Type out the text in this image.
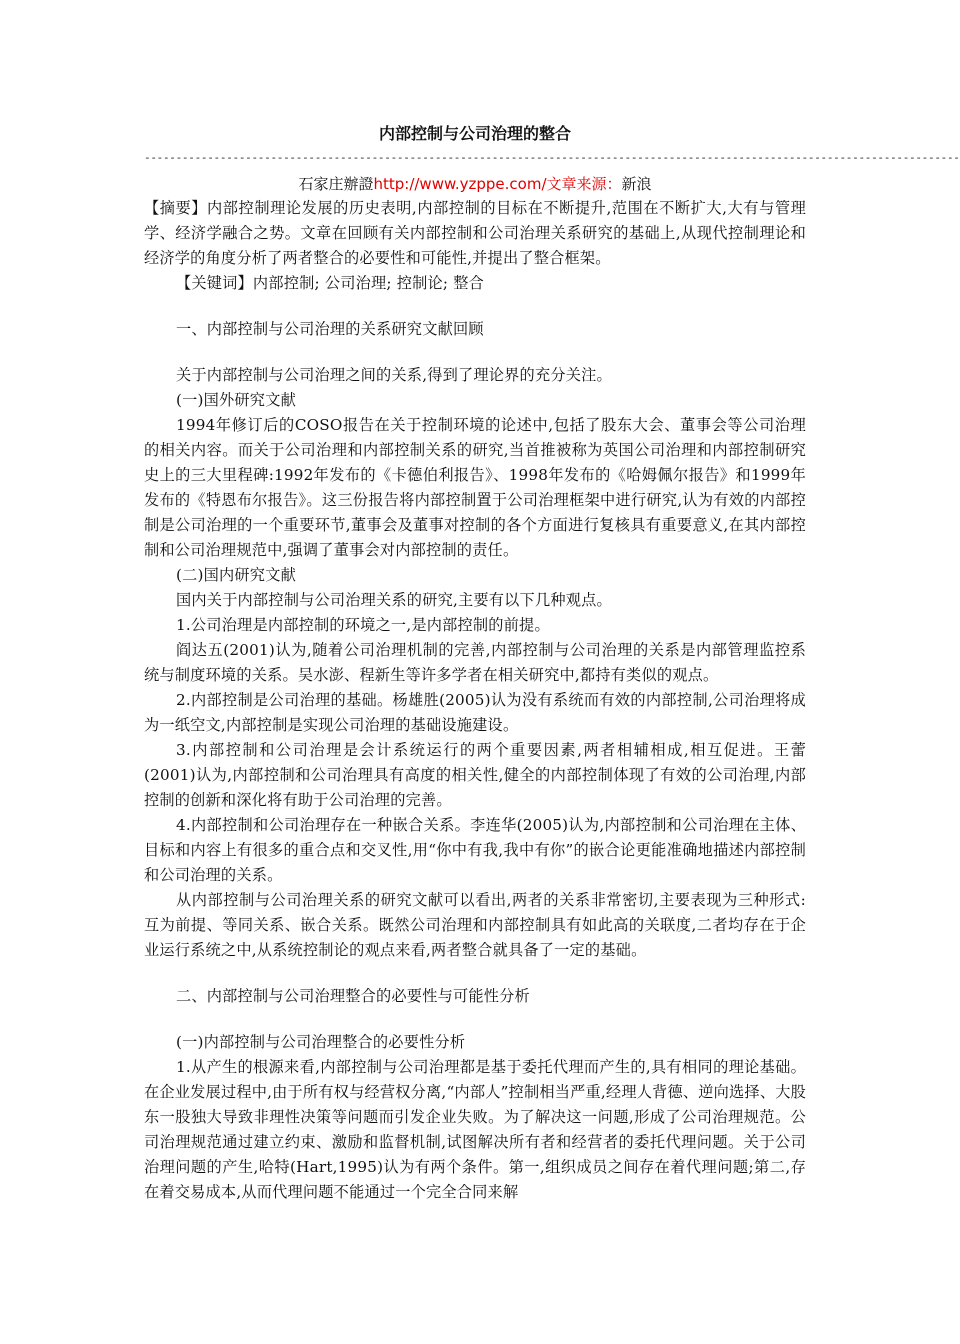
内部控制与公司治理的整合
---------------------------------------------------------------------------------------------------------------------------------
石家庄辦證http://www.yzppe.com/文章来源：新浪

【摘要】内部控制理论发展的历史表明,内部控制的目标在不断提升,范围在不断扩大,大有与管理学、经济学融合之势。文章在回顾有关内部控制和公司治理关系研究的基础上,从现代控制理论和经济学的角度分析了两者整合的必要性和可能性,并提出了整合框架。

【关键词】内部控制; 公司治理; 控制论; 整合

一、内部控制与公司治理的关系研究文献回顾

关于内部控制与公司治理之间的关系,得到了理论界的充分关注。

(一)国外研究文献

1994年修订后的COSO报告在关于控制环境的论述中,包括了股东大会、董事会等公司治理的相关内容。而关于公司治理和内部控制关系的研究,当首推被称为英国公司治理和内部控制研究史上的三大里程碑:1992年发布的《卡德伯利报告》、1998年发布的《哈姆佩尔报告》和1999年发布的《特恩布尔报告》。这三份报告将内部控制置于公司治理框架中进行研究,认为有效的内部控制是公司治理的一个重要环节,董事会及董事对控制的各个方面进行复核具有重要意义,在其内部控制和公司治理规范中,强调了董事会对内部控制的责任。

(二)国内研究文献

国内关于内部控制与公司治理关系的研究,主要有以下几种观点。

1.公司治理是内部控制的环境之一,是内部控制的前提。

阎达五(2001)认为,随着公司治理机制的完善,内部控制与公司治理的关系是内部管理监控系统与制度环境的关系。吴水澎、程新生等许多学者在相关研究中,都持有类似的观点。

2.内部控制是公司治理的基础。杨雄胜(2005)认为没有系统而有效的内部控制,公司治理将成为一纸空文,内部控制是实现公司治理的基础设施建设。

3.内部控制和公司治理是会计系统运行的两个重要因素,两者相辅相成,相互促进。王蕾(2001)认为,内部控制和公司治理具有高度的相关性,健全的内部控制体现了有效的公司治理,内部控制的创新和深化将有助于公司治理的完善。

4.内部控制和公司治理存在一种嵌合关系。李连华(2005)认为,内部控制和公司治理在主体、目标和内容上有很多的重合点和交叉性,用“你中有我,我中有你”的嵌合论更能准确地描述内部控制和公司治理的关系。

从内部控制与公司治理关系的研究文献可以看出,两者的关系非常密切,主要表现为三种形式:互为前提、等同关系、嵌合关系。既然公司治理和内部控制具有如此高的关联度,二者均存在于企业运行系统之中,从系统控制论的观点来看,两者整合就具备了一定的基础。

二、内部控制与公司治理整合的必要性与可能性分析

(一)内部控制与公司治理整合的必要性分析

1.从产生的根源来看,内部控制与公司治理都是基于委托代理而产生的,具有相同的理论基础。在企业发展过程中,由于所有权与经营权分离,“内部人”控制相当严重,经理人背德、逆向选择、大股东一股独大导致非理性决策等问题而引发企业失败。为了解决这一问题,形成了公司治理规范。公司治理规范通过建立约束、激励和监督机制,试图解决所有者和经营者的委托代理问题。关于公司治理问题的产生,哈特(Hart,1995)认为有两个条件。第一,组织成员之间存在着代理问题;第二,存在着交易成本,从而代理问题不能通过一个完全合同来解
